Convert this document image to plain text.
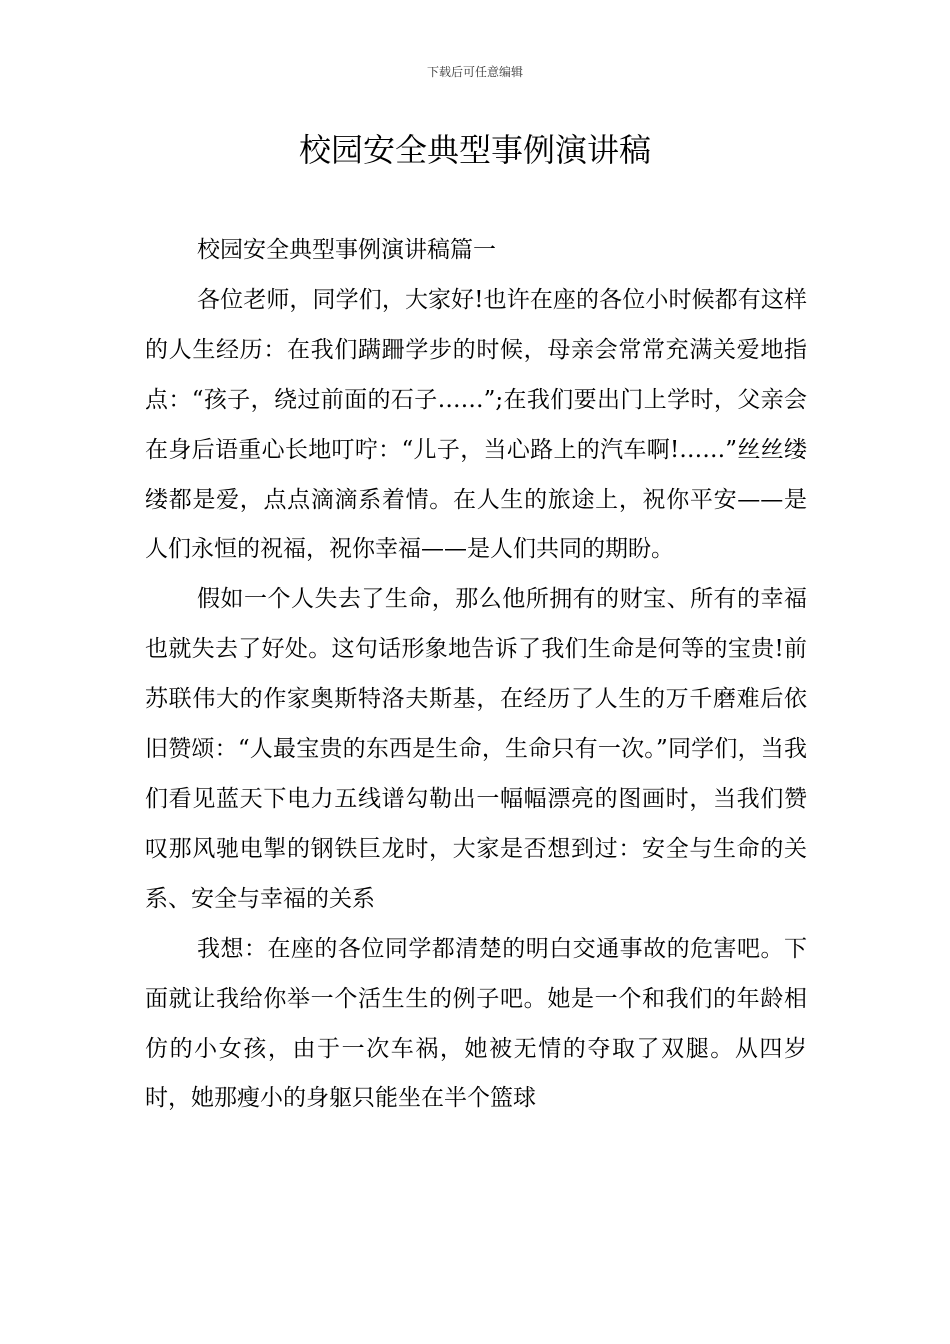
下载后可任意编辑
校园安全典型事例演讲稿

校园安全典型事例演讲稿篇一

各位老师，同学们，大家好!也许在座的各位小时候都有这样的人生经历：在我们蹒跚学步的时候，母亲会常常充满关爱地指点：“孩子，绕过前面的石子……”;在我们要出门上学时，父亲会在身后语重心长地叮咛：“儿子，当心路上的汽车啊!……”丝丝缕缕都是爱，点点滴滴系着情。在人生的旅途上，祝你平安——是人们永恒的祝福，祝你幸福——是人们共同的期盼。

假如一个人失去了生命，那么他所拥有的财宝、所有的幸福也就失去了好处。这句话形象地告诉了我们生命是何等的宝贵!前苏联伟大的作家奥斯特洛夫斯基，在经历了人生的万千磨难后依旧赞颂：“人最宝贵的东西是生命，生命只有一次。”同学们，当我们看见蓝天下电力五线谱勾勒出一幅幅漂亮的图画时，当我们赞叹那风驰电掣的钢铁巨龙时，大家是否想到过：安全与生命的关系、安全与幸福的关系

我想：在座的各位同学都清楚的明白交通事故的危害吧。下面就让我给你举一个活生生的例子吧。她是一个和我们的年龄相仿的小女孩，由于一次车祸，她被无情的夺取了双腿。从四岁时，她那瘦小的身躯只能坐在半个篮球
